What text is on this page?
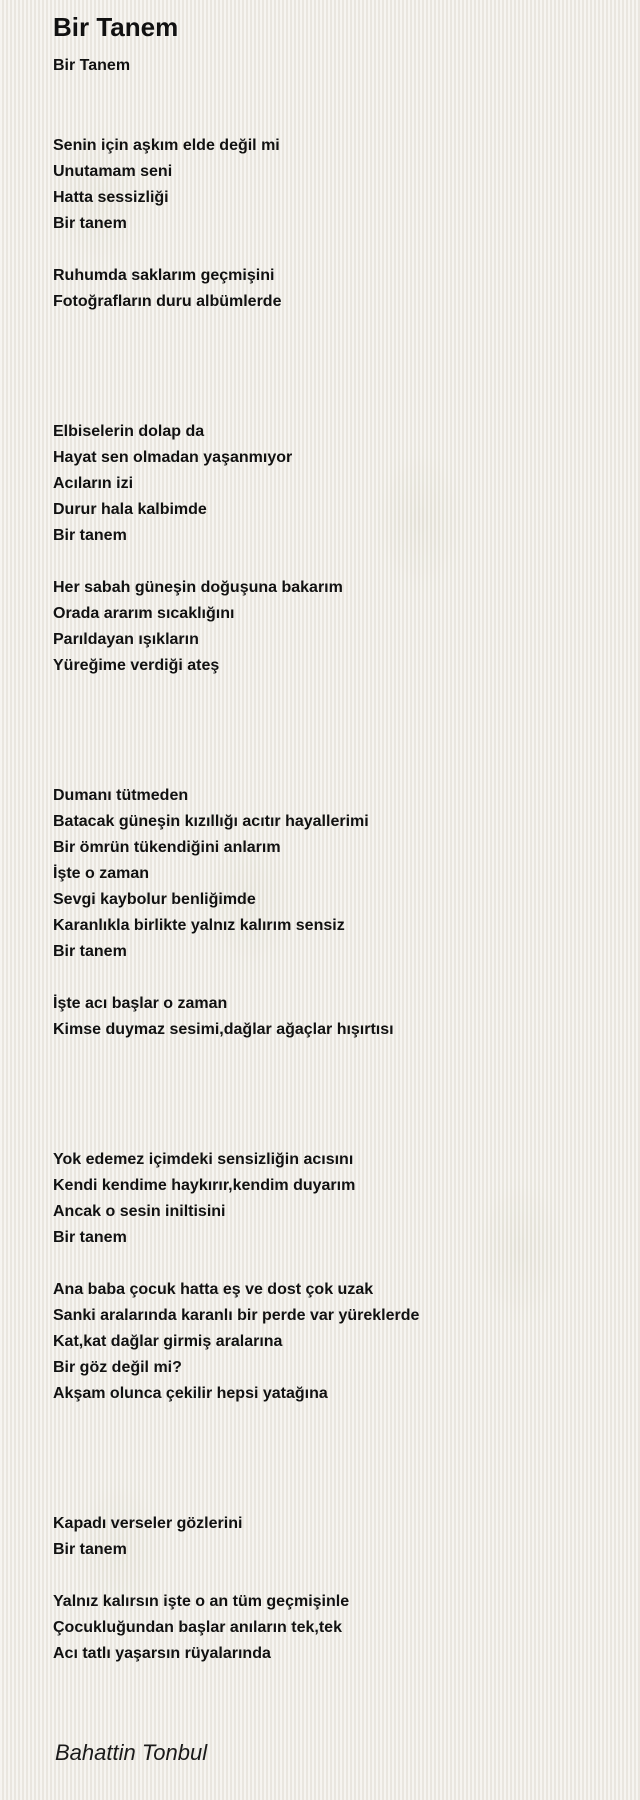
Bir Tanem
Bir Tanem
Senin için aşkım elde değil mi
Unutamam seni
Hatta sessizliği
Bir tanem
Ruhumda saklarım geçmişini
Fotoğrafların duru albümlerde
Elbiselerin dolap da
Hayat sen olmadan yaşanmıyor
Acıların izi
Durur hala kalbimde
Bir tanem
Her sabah güneşin doğuşuna bakarım
Orada ararım sıcaklığını
Parıldayan ışıkların
Yüreğime verdiği ateş
Dumanı tütmeden
Batacak güneşin kızıllığı acıtır hayallerimi
Bir ömrün tükendiğini anlarım
İşte o zaman
Sevgi kaybolur benliğimde
Karanlıkla birlikte yalnız kalırım sensiz
Bir tanem
İşte acı başlar o zaman
Kimse duymaz sesimi,dağlar ağaçlar hışırtısı
Yok edemez içimdeki sensizliğin acısını
Kendi kendime haykırır,kendim duyarım
Ancak o sesin iniltisini
Bir tanem
Ana baba çocuk hatta eş ve dost çok uzak
Sanki aralarında karanlı bir perde var yüreklerde
Kat,kat dağlar girmiş aralarına
Bir göz değil mi?
Akşam olunca çekilir hepsi yatağına
Kapadı verseler gözlerini
Bir tanem
Yalnız kalırsın işte o an tüm geçmişinle
Çocukluğundan başlar anıların tek,tek
Acı tatlı yaşarsın rüyalarında
Bahattin Tonbul
